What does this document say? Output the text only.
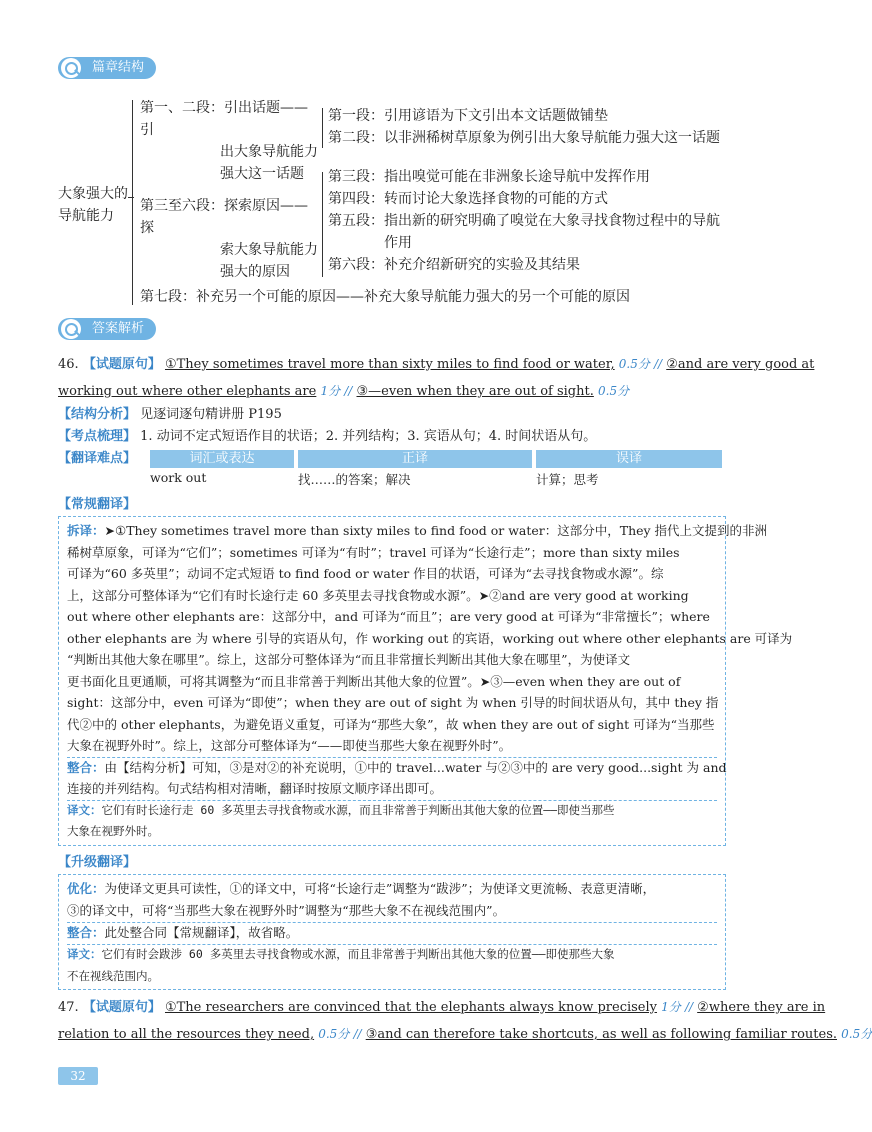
篇章结构
大象强大的
导航能力
第一、二段：引出话题——引
出大象导航能力
强大这一话题
第一段：引用谚语为下文引出本文话题做铺垫
第二段：以非洲稀树草原象为例引出大象导航能力强大这一话题
第三至六段：探索原因——探
索大象导航能力
强大的原因
第三段：指出嗅觉可能在非洲象长途导航中发挥作用
第四段：转而讨论大象选择食物的可能的方式
第五段：指出新的研究明确了嗅觉在大象寻找食物过程中的导航
作用
第六段：补充介绍新研究的实验及其结果
第七段：补充另一个可能的原因——补充大象导航能力强大的另一个可能的原因
答案解析
46. 【试题原句】 ①They sometimes travel more than sixty miles to find food or water, 0.5分 // ②and are very good at
working out where other elephants are 1分 // ③—even when they are out of sight. 0.5分
【结构分析】 见逐词逐句精讲册 P195
【考点梳理】 1. 动词不定式短语作目的状语；2. 并列结构；3. 宾语从句；4. 时间状语从句。
【翻译难点】	词汇或表达	正译	误译
work out	找……的答案；解决	计算；思考
【常规翻译】
拆译：➤①They sometimes travel more than sixty miles to find food or water：这部分中，They 指代上文提到的非洲
稀树草原象，可译为“它们”；sometimes 可译为“有时”；travel 可译为“长途行走”；more than sixty miles
可译为“60 多英里”；动词不定式短语 to find food or water 作目的状语，可译为“去寻找食物或水源”。综
上，这部分可整体译为“它们有时长途行走 60 多英里去寻找食物或水源”。➤②and are very good at working
out where other elephants are：这部分中，and 可译为“而且”；are very good at 可译为“非常擅长”；where
other elephants are 为 where 引导的宾语从句，作 working out 的宾语，working out where other elephants are 可译为
“判断出其他大象在哪里”。综上，这部分可整体译为“而且非常擅长判断出其他大象在哪里”，为使译文
更书面化且更通顺，可将其调整为“而且非常善于判断出其他大象的位置”。➤③—even when they are out of
sight：这部分中，even 可译为“即使”；when they are out of sight 为 when 引导的时间状语从句，其中 they 指
代②中的 other elephants，为避免语义重复，可译为“那些大象”，故 when they are out of sight 可译为“当那些
大象在视野外时”。综上，这部分可整体译为“——即使当那些大象在视野外时”。
整合：由【结构分析】可知，③是对②的补充说明，①中的 travel...water 与②③中的 are very good...sight 为 and
连接的并列结构。句式结构相对清晰，翻译时按原文顺序译出即可。
译文：它们有时长途行走 60 多英里去寻找食物或水源，而且非常善于判断出其他大象的位置——即使当那些
大象在视野外时。
【升级翻译】
优化：为使译文更具可读性，①的译文中，可将“长途行走”调整为“跋涉”；为使译文更流畅、表意更清晰，
③的译文中，可将“当那些大象在视野外时”调整为“那些大象不在视线范围内”。
整合：此处整合同【常规翻译】，故省略。
译文：它们有时会跋涉 60 多英里去寻找食物或水源，而且非常善于判断出其他大象的位置——即使那些大象
不在视线范围内。
47. 【试题原句】 ①The researchers are convinced that the elephants always know precisely 1分 // ②where they are in
relation to all the resources they need, 0.5分 // ③and can therefore take shortcuts, as well as following familiar routes. 0.5分
32
